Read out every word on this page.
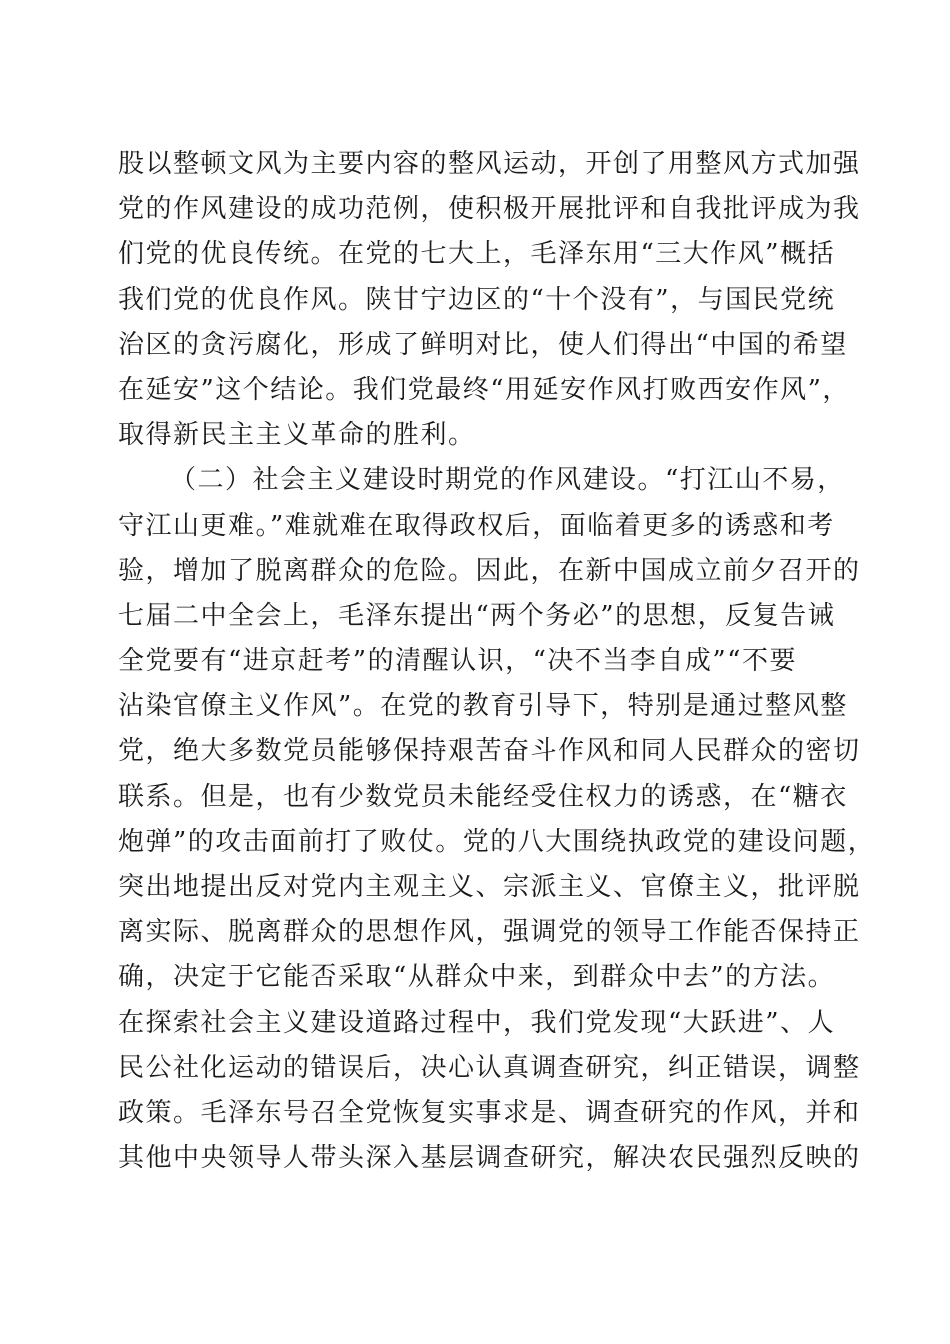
股以整顿文风为主要内容的整风运动，开创了用整风方式加强
党的作风建设的成功范例，使积极开展批评和自我批评成为我
们党的优良传统。在党的七大上，毛泽东用“三大作风”概括
我们党的优良作风。陕甘宁边区的“十个没有”，与国民党统
治区的贪污腐化，形成了鲜明对比，使人们得出“中国的希望
在延安”这个结论。我们党最终“用延安作风打败西安作风”，
取得新民主主义革命的胜利。
（二）社会主义建设时期党的作风建设。“打江山不易，
守江山更难。”难就难在取得政权后，面临着更多的诱惑和考
验，增加了脱离群众的危险。因此，在新中国成立前夕召开的
七届二中全会上，毛泽东提出“两个务必”的思想，反复告诫
全党要有“进京赶考”的清醒认识，“决不当李自成”“不要
沾染官僚主义作风”。在党的教育引导下，特别是通过整风整
党，绝大多数党员能够保持艰苦奋斗作风和同人民群众的密切
联系。但是，也有少数党员未能经受住权力的诱惑，在“糖衣
炮弹”的攻击面前打了败仗。党的八大围绕执政党的建设问题，
突出地提出反对党内主观主义、宗派主义、官僚主义，批评脱
离实际、脱离群众的思想作风，强调党的领导工作能否保持正
确，决定于它能否采取“从群众中来，到群众中去”的方法。
在探索社会主义建设道路过程中，我们党发现“大跃进”、人
民公社化运动的错误后，决心认真调查研究，纠正错误，调整
政策。毛泽东号召全党恢复实事求是、调查研究的作风，并和
其他中央领导人带头深入基层调查研究，解决农民强烈反映的
